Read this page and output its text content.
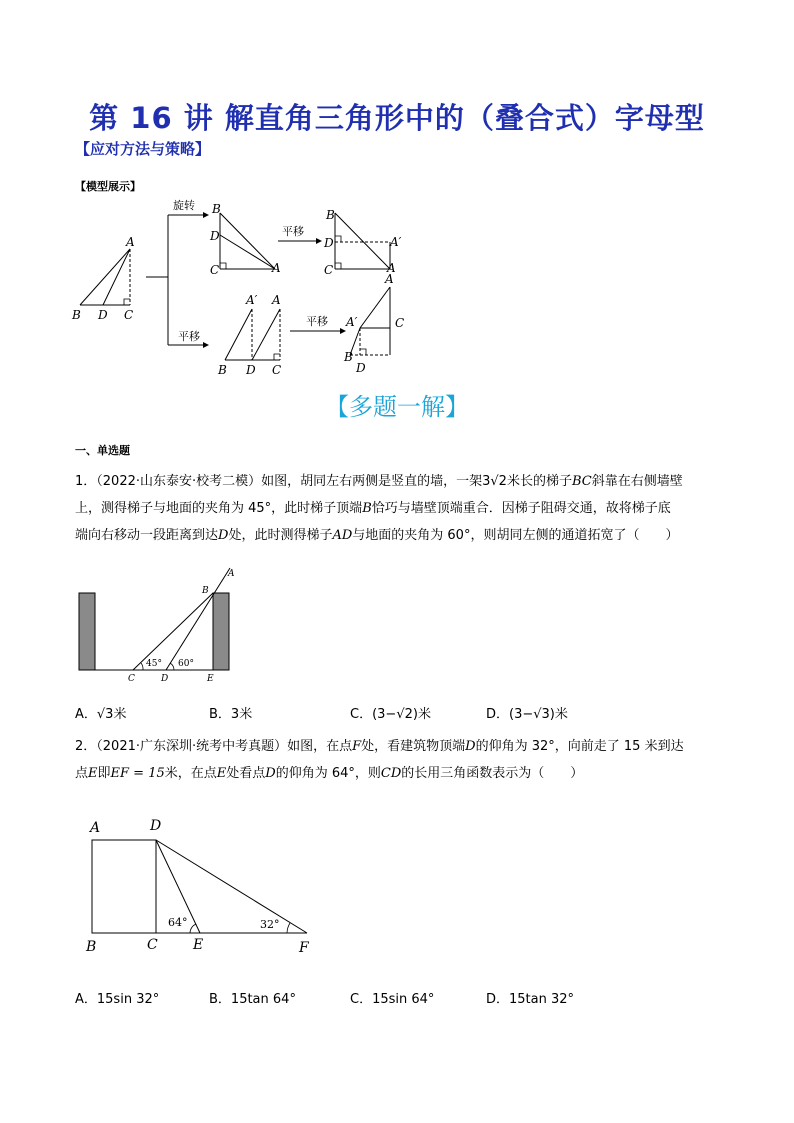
第 16 讲 解直角三角形中的（叠合式）字母型
【应对方法与策略】
【模型展示】
A
B D C
B
D
C	A
B
D
C	A
A′
A′ A
B D C
A
A′	C
B
D
旋转
平移
平移
平移
【多题一解】
一、单选题
1．（2022·山东泰安·校考二模）如图，胡同左右两侧是竖直的墙，一架3√2米长的梯子BC斜靠在右侧墙壁
上，测得梯子与地面的夹角为 45°，此时梯子顶端B恰巧与墙壁顶端重合．因梯子阻碍交通，故将梯子底
端向右移动一段距离到达D处，此时测得梯子AD与地面的夹角为 60°，则胡同左侧的通道拓宽了（　　）
A
B
C	D	E
45° 60°
A．√3米	B．3米	C．(3−√2)米	D．(3−√3)米
2．（2021·广东深圳·统考中考真题）如图，在点F处，看建筑物顶端D的仰角为 32°，向前走了 15 米到达
点E即EF = 15米，在点E处看点D的仰角为 64°，则CD的长用三角函数表示为（　　）
A	D
B	C	E	F
64°	32°
A．15sin 32°	B．15tan 64°	C．15sin 64°	D．15tan 32°
